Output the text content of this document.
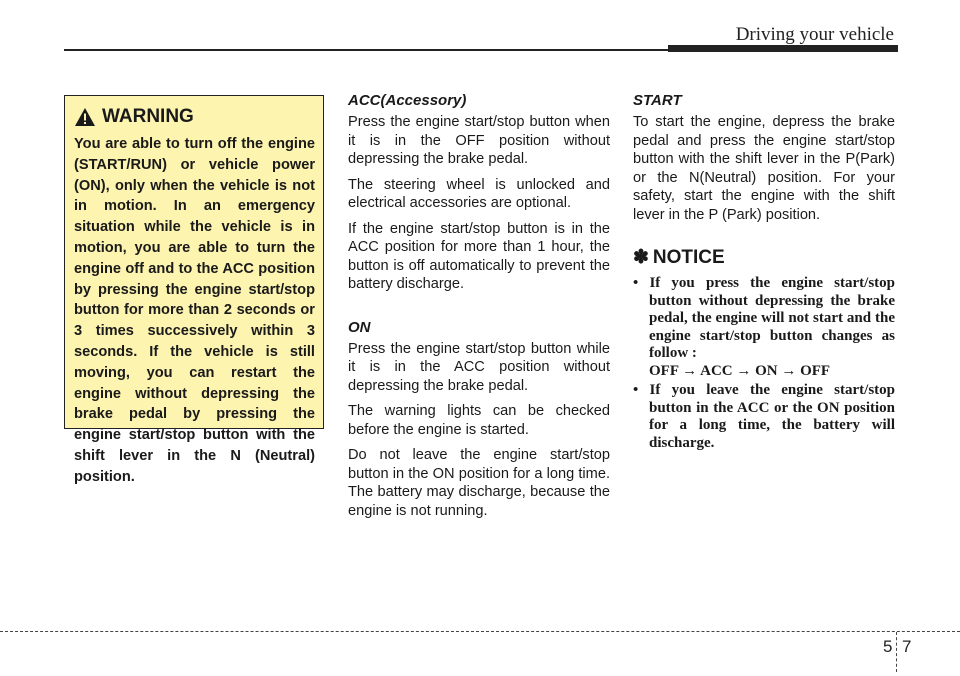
Driving your vehicle
WARNING
You are able to turn off the engine (START/RUN) or vehicle power (ON), only when the vehicle is not in motion. In an emergency situation while the vehicle is in motion, you are able to turn the engine off and to the ACC position by pressing the engine start/stop button for more than 2 seconds or 3 times successively within 3 seconds. If the vehicle is still moving, you can restart the engine without depressing the brake pedal by pressing the engine start/stop button with the shift lever in the N (Neutral) position.
ACC(Accessory)

Press the engine start/stop button when it is in the OFF position without depressing the brake pedal.

The steering wheel is unlocked and electrical accessories are optional.

If the engine start/stop button is in the ACC position for more than 1 hour, the button is off automatically to prevent the battery discharge.

ON

Press the engine start/stop button while it is in the ACC position without depressing the brake pedal.

The warning lights can be checked before the engine is started.

Do not leave the engine start/stop button in the ON position for a long time. The battery may discharge, because the engine is not running.

START

To start the engine, depress the brake pedal and press the engine start/stop button with the shift lever in the P(Park) or the N(Neutral) position. For your safety, start the engine with the shift lever in the P (Park) position.

✽ NOTICE
• If you press the engine start/stop button without depressing the brake pedal, the engine will not start and the engine start/stop button changes as follow :
OFF → ACC → ON → OFF
• If you leave the engine start/stop button in the ACC or the ON position for a long time, the battery will discharge.
5 7
